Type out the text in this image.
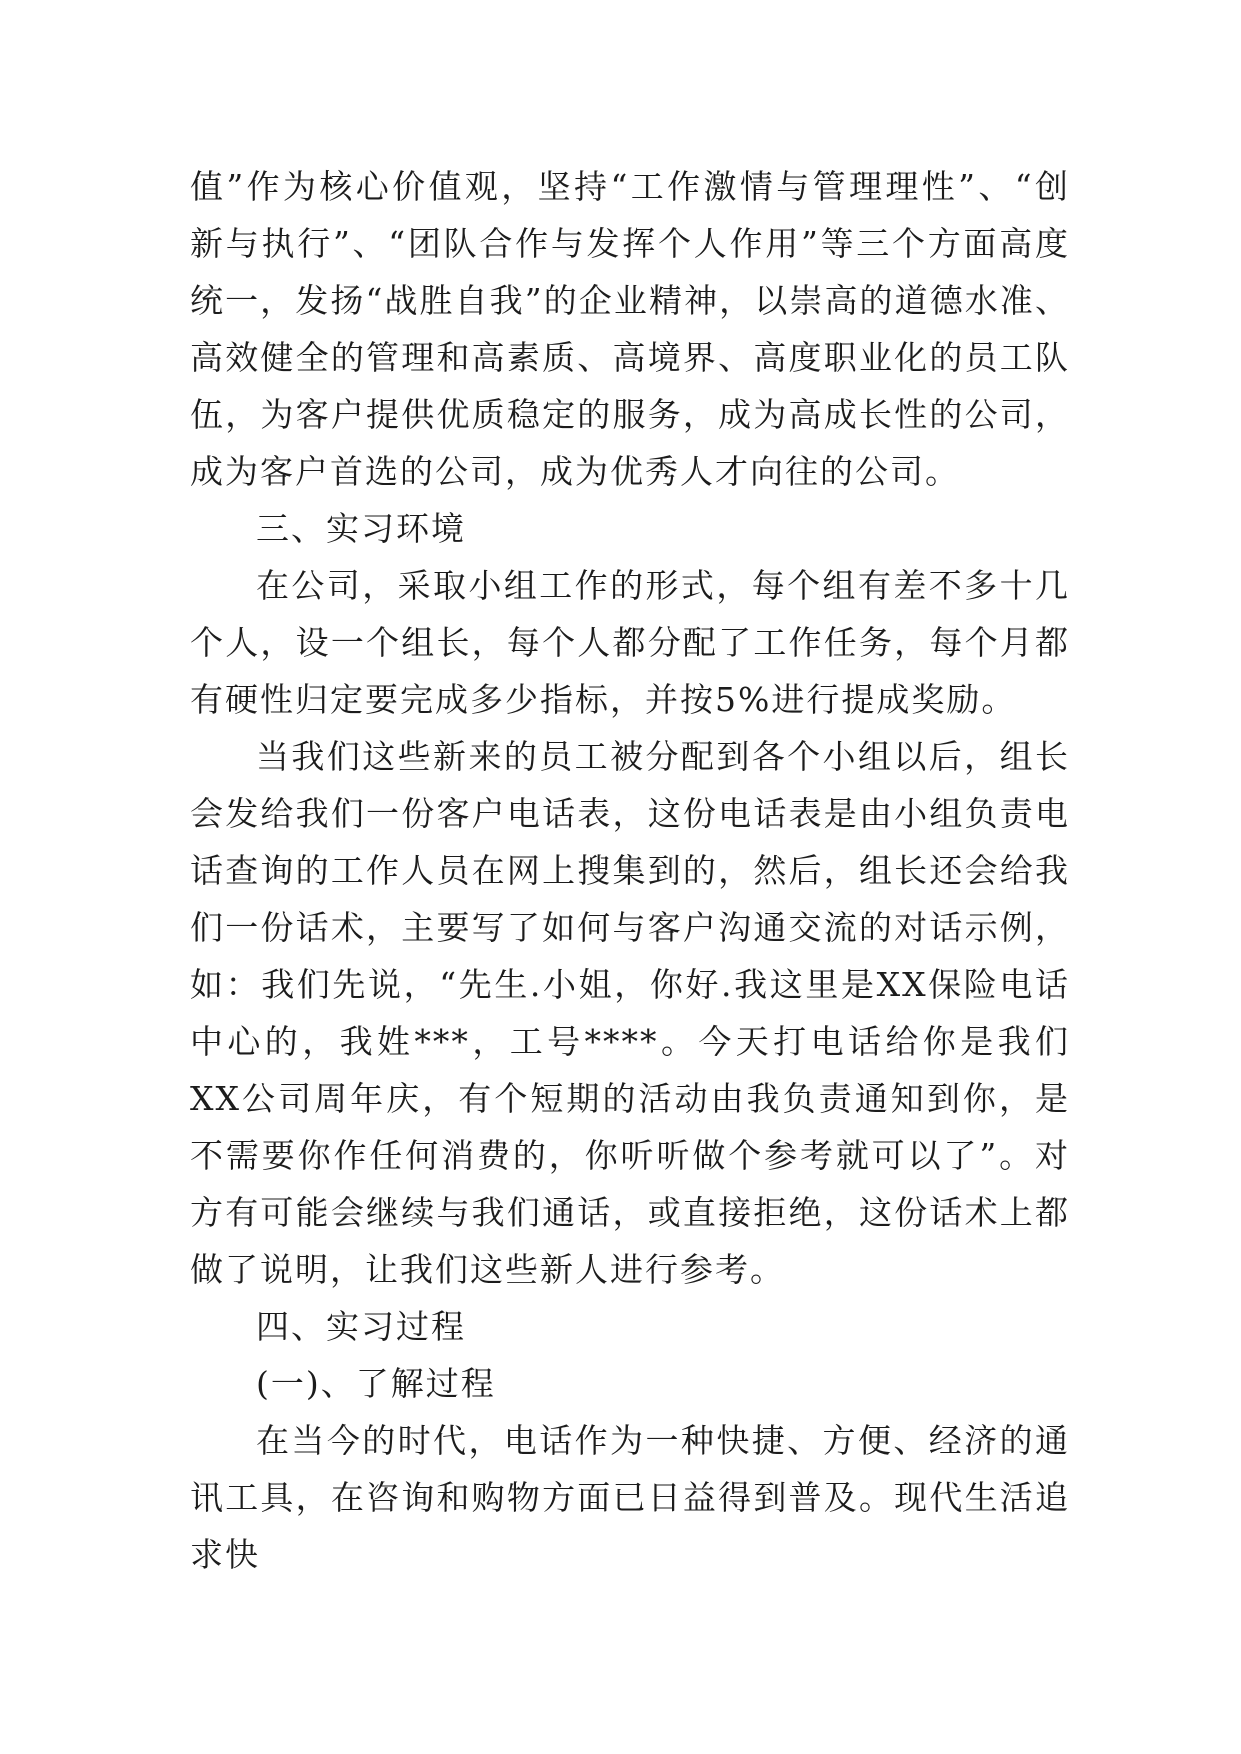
值”作为核心价值观，坚持“工作激情与管理理性”、“创新与执行”、“团队合作与发挥个人作用”等三个方面高度统一，发扬“战胜自我”的企业精神，以崇高的道德水准、高效健全的管理和高素质、高境界、高度职业化的员工队伍，为客户提供优质稳定的服务，成为高成长性的公司，成为客户首选的公司，成为优秀人才向往的公司。

三、实习环境

在公司，采取小组工作的形式，每个组有差不多十几个人，设一个组长，每个人都分配了工作任务，每个月都有硬性归定要完成多少指标，并按5%进行提成奖励。

当我们这些新来的员工被分配到各个小组以后，组长会发给我们一份客户电话表，这份电话表是由小组负责电话查询的工作人员在网上搜集到的，然后，组长还会给我们一份话术，主要写了如何与客户沟通交流的对话示例，如：我们先说，“先生.小姐，你好.我这里是XX保险电话中心的，我姓***，工号****。今天打电话给你是我们XX公司周年庆，有个短期的活动由我负责通知到你，是不需要你作任何消费的，你听听做个参考就可以了”。对方有可能会继续与我们通话，或直接拒绝，这份话术上都做了说明，让我们这些新人进行参考。

四、实习过程

(一)、了解过程

在当今的时代，电话作为一种快捷、方便、经济的通讯工具，在咨询和购物方面已日益得到普及。现代生活追求快
